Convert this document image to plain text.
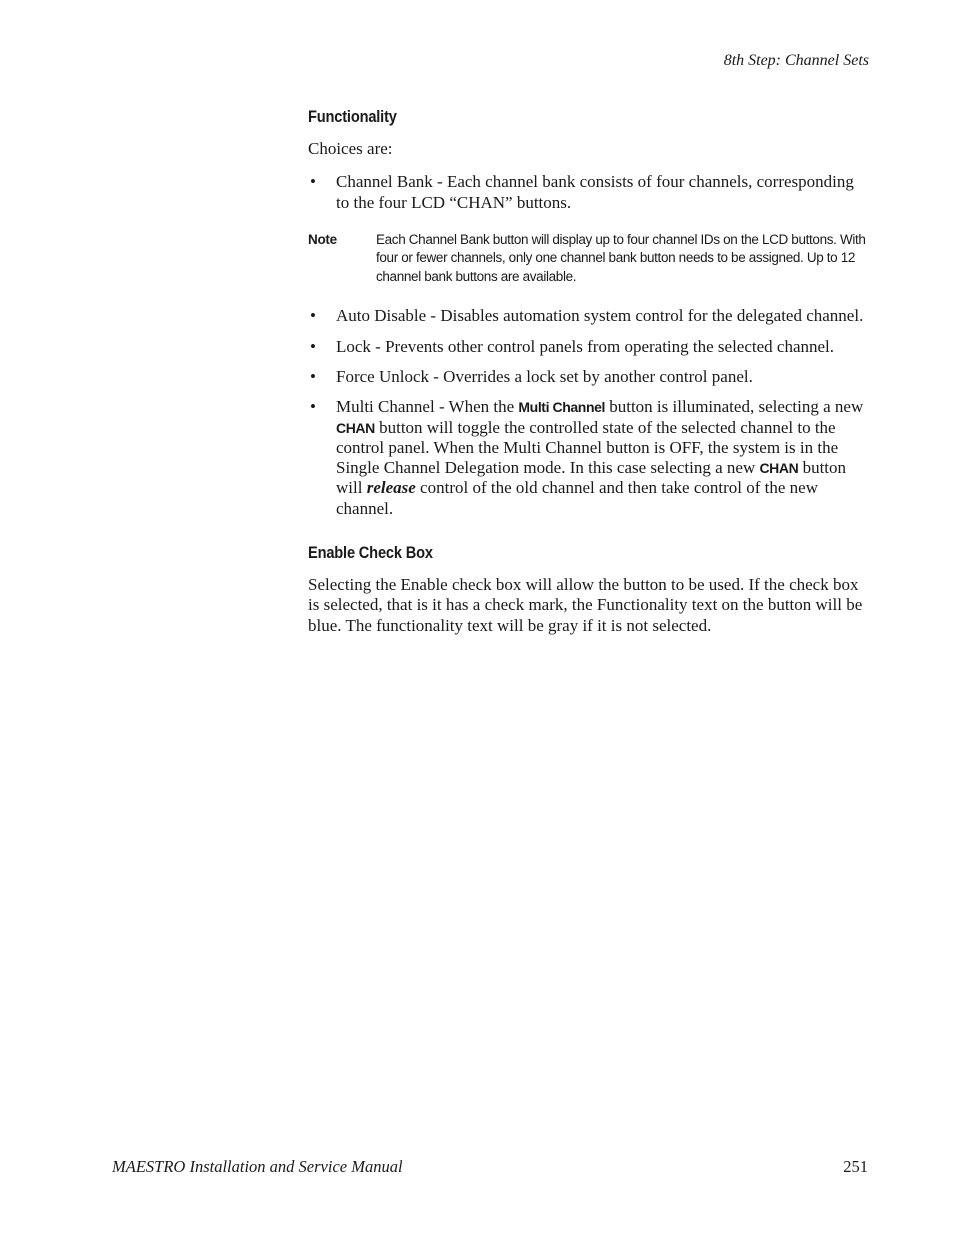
8th Step: Channel Sets
Functionality

Choices are:

• Channel Bank - Each channel bank consists of four channels, corresponding to the four LCD “CHAN” buttons.
Note	Each Channel Bank button will display up to four channel IDs on the LCD buttons. With four or fewer channels, only one channel bank button needs to be assigned. Up to 12 channel bank buttons are available.
• Auto Disable - Disables automation system control for the delegated channel.
• Lock - Prevents other control panels from operating the selected channel.
• Force Unlock - Overrides a lock set by another control panel.
• Multi Channel - When the Multi Channel button is illuminated, selecting a new CHAN button will toggle the controlled state of the selected channel to the control panel. When the Multi Channel button is OFF, the system is in the Single Channel Delegation mode. In this case selecting a new CHAN button will release control of the old channel and then take control of the new channel.
Enable Check Box

Selecting the Enable check box will allow the button to be used. If the check box is selected, that is it has a check mark, the Functionality text on the button will be blue. The functionality text will be gray if it is not selected.

MAESTRO Installation and Service Manual	251
